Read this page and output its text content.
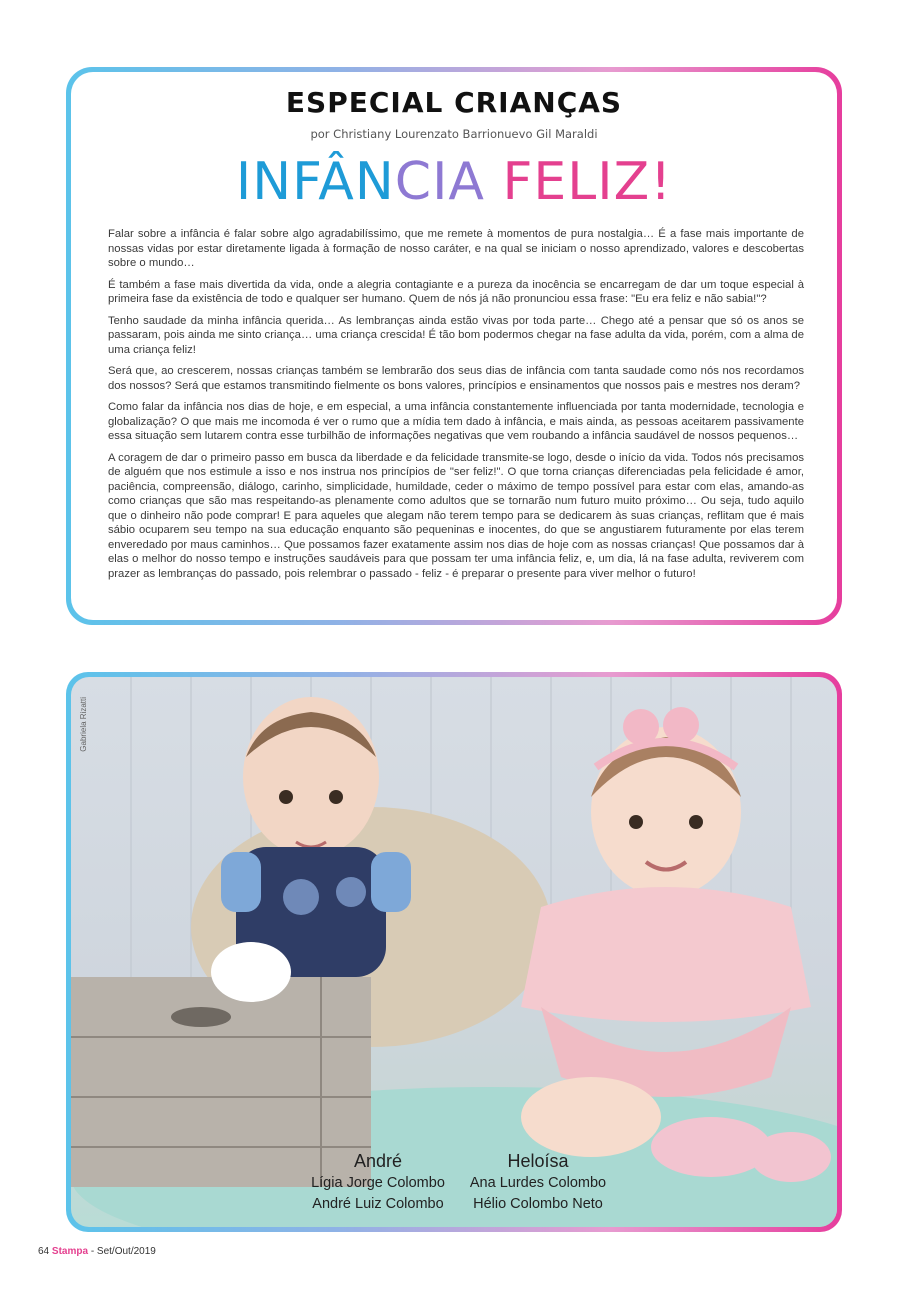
ESPECIAL CRIANÇAS
por Christiany Lourenzato Barrionuevo Gil Maraldi
INFÂNCIA FELIZ!

Falar sobre a infância é falar sobre algo agradabilíssimo, que me remete à momentos de pura nostalgia… É a fase mais importante de nossas vidas por estar diretamente ligada à formação de nosso caráter, e na qual se iniciam o nosso aprendizado, valores e descobertas sobre o mundo…

É também a fase mais divertida da vida, onde a alegria contagiante e a pureza da inocência se encarregam de dar um toque especial à primeira fase da existência de todo e qualquer ser humano. Quem de nós já não pronunciou essa frase: "Eu era feliz e não sabia!"?

Tenho saudade da minha infância querida… As lembranças ainda estão vivas por toda parte… Chego até a pensar que só os anos se passaram, pois ainda me sinto criança… uma criança crescida! É tão bom podermos chegar na fase adulta da vida, porém, com a alma de uma criança feliz!

Será que, ao crescerem, nossas crianças também se lembrarão dos seus dias de infância com tanta saudade como nós nos recordamos dos nossos? Será que estamos transmitindo fielmente os bons valores, princípios e ensinamentos que nossos pais e mestres nos deram?

Como falar da infância nos dias de hoje, e em especial, a uma infância constantemente influenciada por tanta modernidade, tecnologia e globalização? O que mais me incomoda é ver o rumo que a mídia tem dado à infância, e mais ainda, as pessoas aceitarem passivamente essa situação sem lutarem contra esse turbilhão de informações negativas que vem roubando a infância saudável de nossos pequenos…

A coragem de dar o primeiro passo em busca da liberdade e da felicidade transmite-se logo, desde o início da vida. Todos nós precisamos de alguém que nos estimule a isso e nos instrua nos princípios de "ser feliz!". O que torna crianças diferenciadas pela felicidade é amor, paciência, compreensão, diálogo, carinho, simplicidade, humildade, ceder o máximo de tempo possível para estar com elas, amando-as como crianças que são mas respeitando-as plenamente como adultos que se tornarão num futuro muito próximo… Ou seja, tudo aquilo que o dinheiro não pode comprar! E para aqueles que alegam não terem tempo para se dedicarem às suas crianças, reflitam que é mais sábio ocuparem seu tempo na sua educação enquanto são pequeninas e inocentes, do que se angustiarem futuramente por elas terem enveredado por maus caminhos… Que possamos fazer exatamente assim nos dias de hoje com as nossas crianças! Que possamos dar à elas o melhor do nosso tempo e instruções saudáveis para que possam ter uma infância feliz, e, um dia, lá na fase adulta, reviverem com prazer as lembranças do passado, pois relembrar o passado - feliz - é preparar o presente para viver melhor o futuro!

Gabriela Rizatti
André
Lígia Jorge Colombo
André Luiz Colombo
Heloísa
Ana Lurdes Colombo
Hélio Colombo Neto
64 Stampa - Set/Out/2019
